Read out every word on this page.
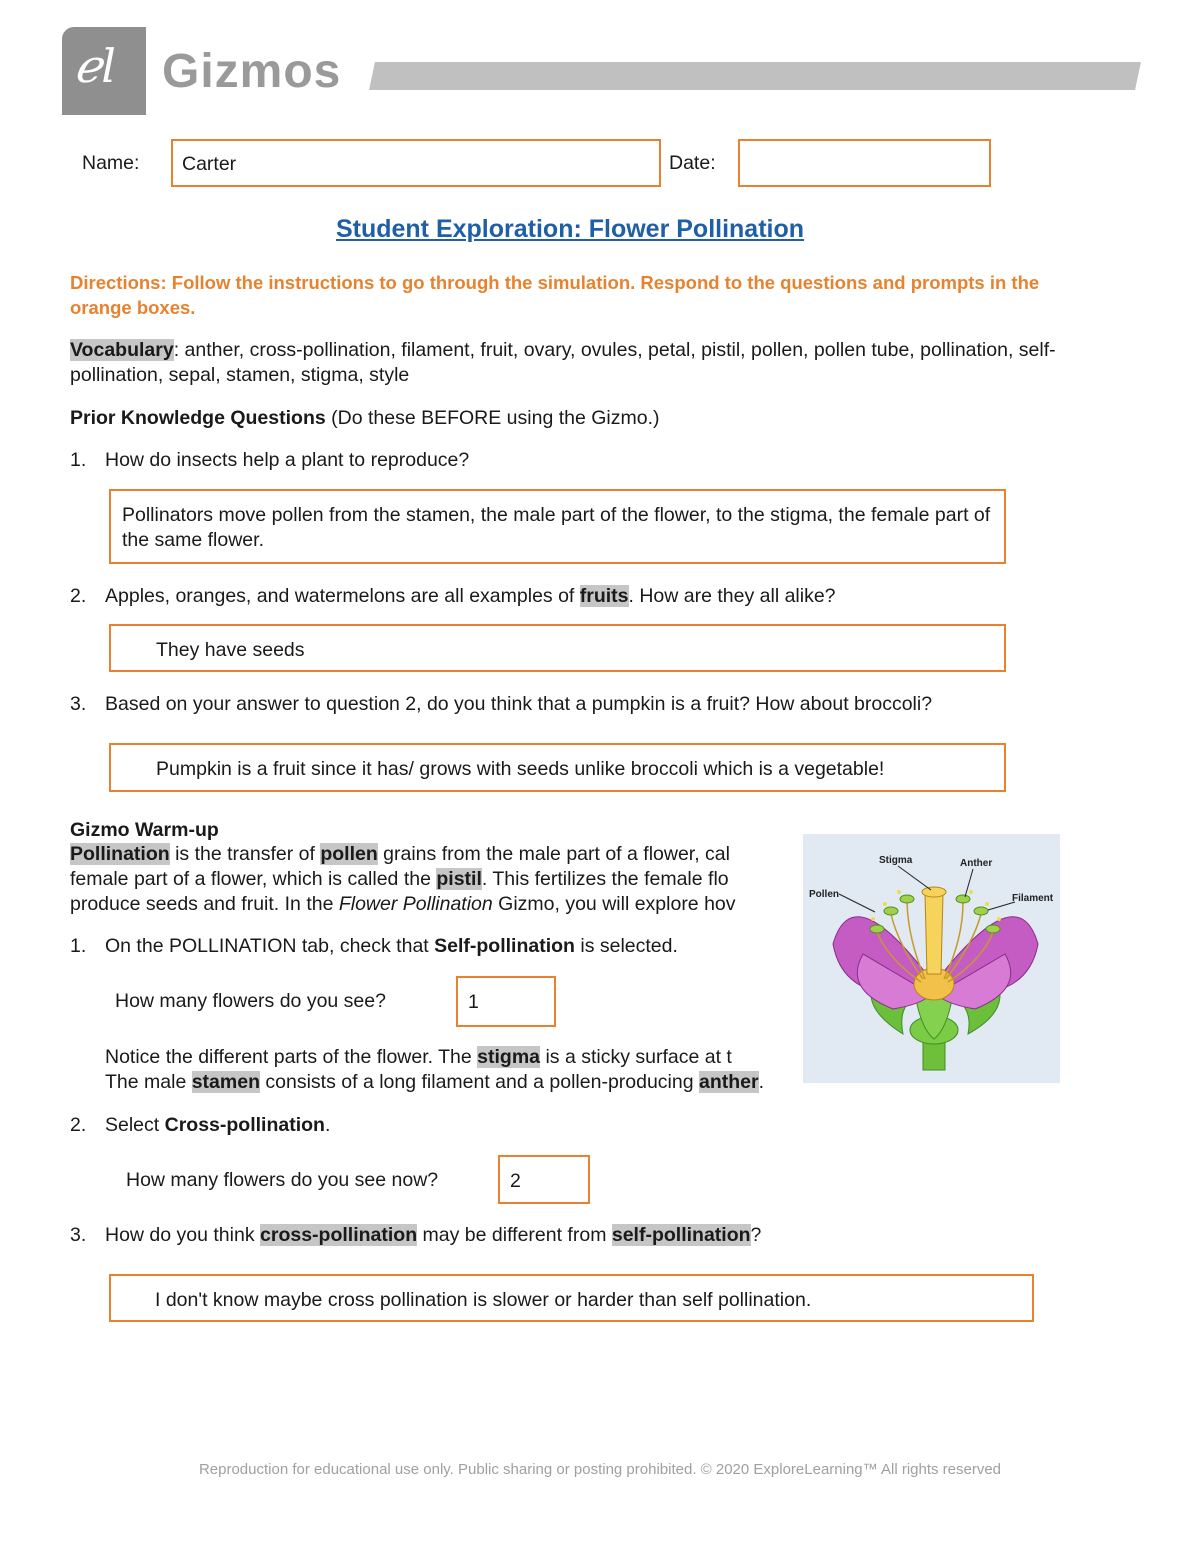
ℯl Gizmos
Name: Carter	Date:
Student Exploration: Flower Pollination
Directions: Follow the instructions to go through the simulation. Respond to the questions and prompts in the orange boxes.
Vocabulary: anther, cross-pollination, filament, fruit, ovary, ovules, petal, pistil, pollen, pollen tube, pollination, self-pollination, sepal, stamen, stigma, style
Prior Knowledge Questions (Do these BEFORE using the Gizmo.)
1. How do insects help a plant to reproduce?
Pollinators move pollen from the stamen, the male part of the flower, to the stigma, the female part of the same flower.
2. Apples, oranges, and watermelons are all examples of fruits. How are they all alike?
They have seeds
3. Based on your answer to question 2, do you think that a pumpkin is a fruit? How about broccoli?
Pumpkin is a fruit since it has/ grows with seeds unlike broccoli which is a vegetable!
Gizmo Warm-up
Pollination is the transfer of pollen grains from the male part of a flower, cal
female part of a flower, which is called the pistil. This fertilizes the female flo
produce seeds and fruit. In the Flower Pollination Gizmo, you will explore hov
1. On the POLLINATION tab, check that Self-pollination is selected.
How many flowers do you see?	1
Notice the different parts of the flower. The stigma is a sticky surface at t
The male stamen consists of a long filament and a pollen-producing anther.
Stigma	Anther
Pollen	Filament
2. Select Cross-pollination.
How many flowers do you see now?	2
3. How do you think cross-pollination may be different from self-pollination?
I don't know maybe cross pollination is slower or harder than self pollination.
Reproduction for educational use only. Public sharing or posting prohibited. © 2020 ExploreLearning™ All rights reserved
